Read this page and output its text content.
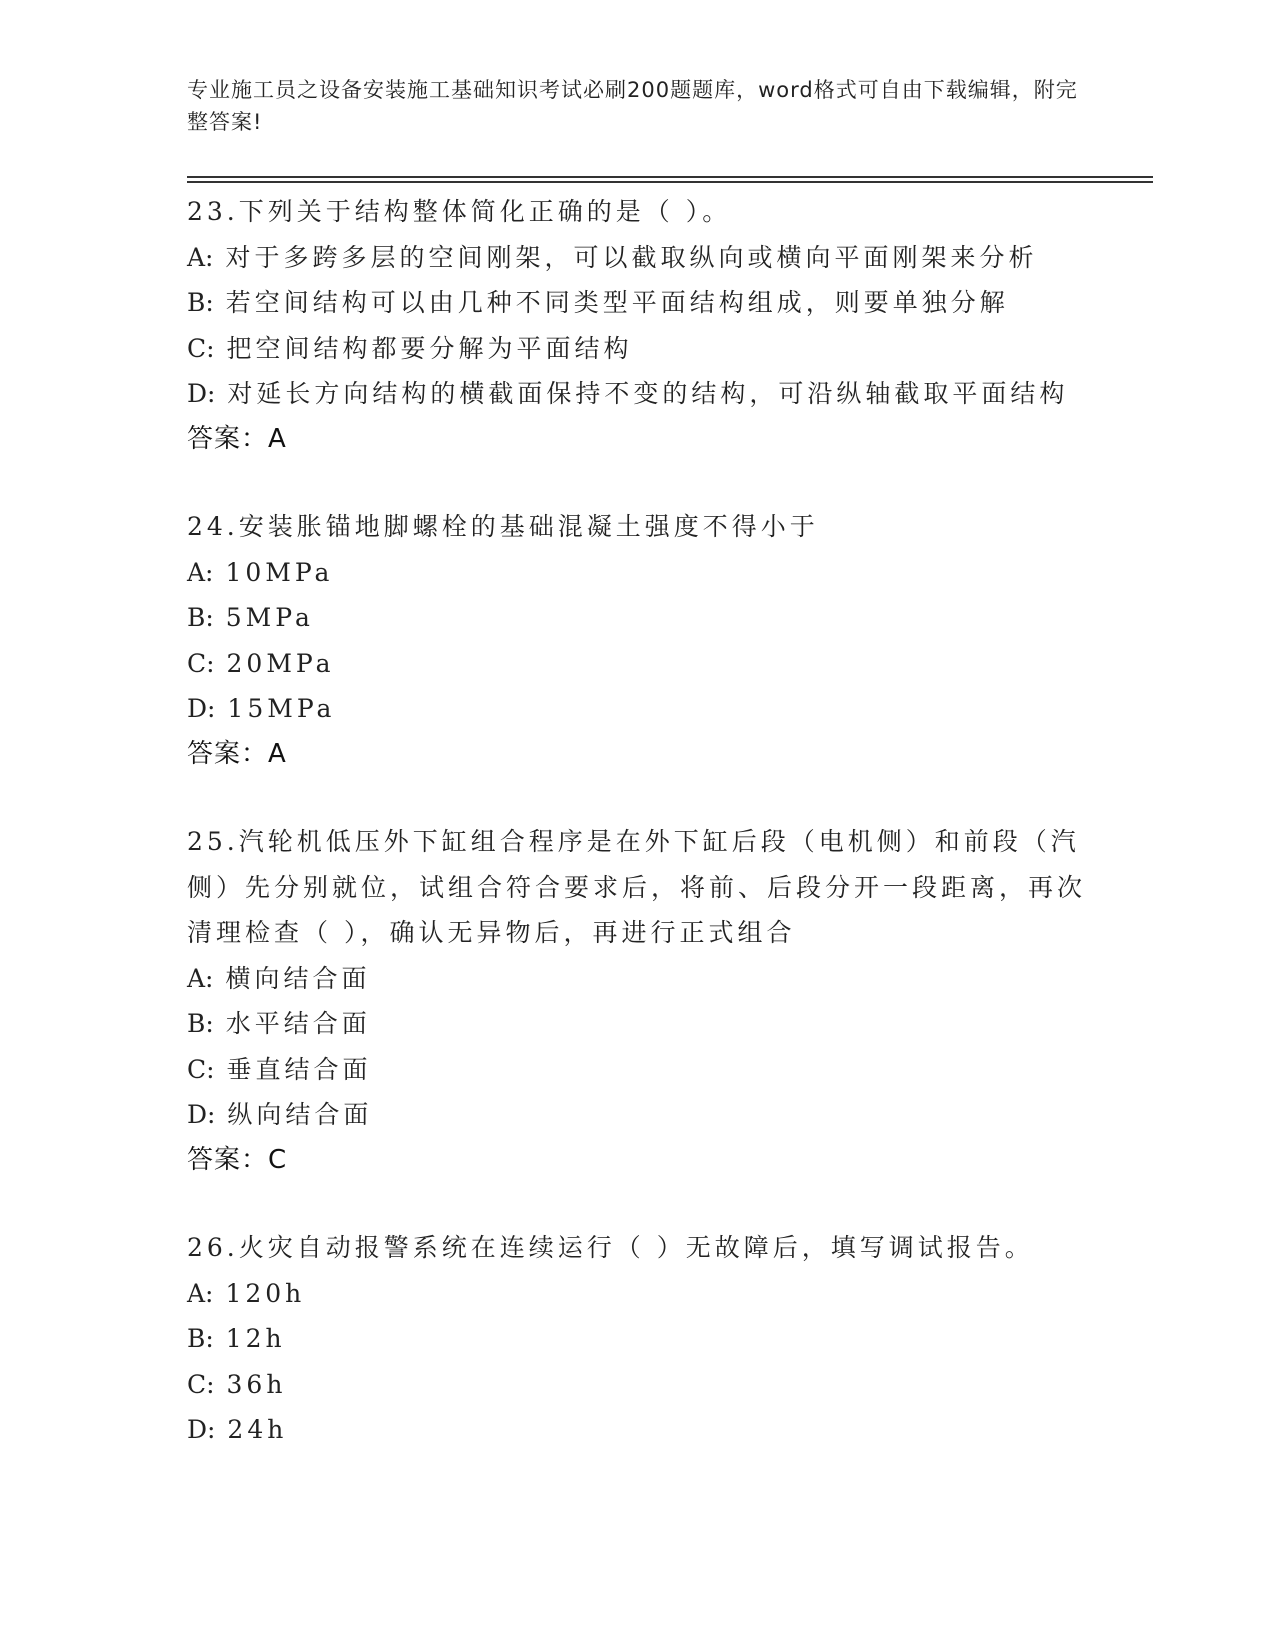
专业施工员之设备安装施工基础知识考试必刷200题题库，word格式可自由下载编辑，附完整答案!
23.下列关于结构整体简化正确的是（ ）。
A: 对于多跨多层的空间刚架，可以截取纵向或横向平面刚架来分析
B: 若空间结构可以由几种不同类型平面结构组成，则要单独分解
C: 把空间结构都要分解为平面结构
D: 对延长方向结构的横截面保持不变的结构，可沿纵轴截取平面结构
答案：A
24.安装胀锚地脚螺栓的基础混凝土强度不得小于
A: 10MPa
B: 5MPa
C: 20MPa
D: 15MPa
答案：A
25.汽轮机低压外下缸组合程序是在外下缸后段（电机侧）和前段（汽侧）先分别就位，试组合符合要求后，将前、后段分开一段距离，再次清理检查（ ），确认无异物后，再进行正式组合
A: 横向结合面
B: 水平结合面
C: 垂直结合面
D: 纵向结合面
答案：C
26.火灾自动报警系统在连续运行（ ）无故障后，填写调试报告。
A: 120h
B: 12h
C: 36h
D: 24h
